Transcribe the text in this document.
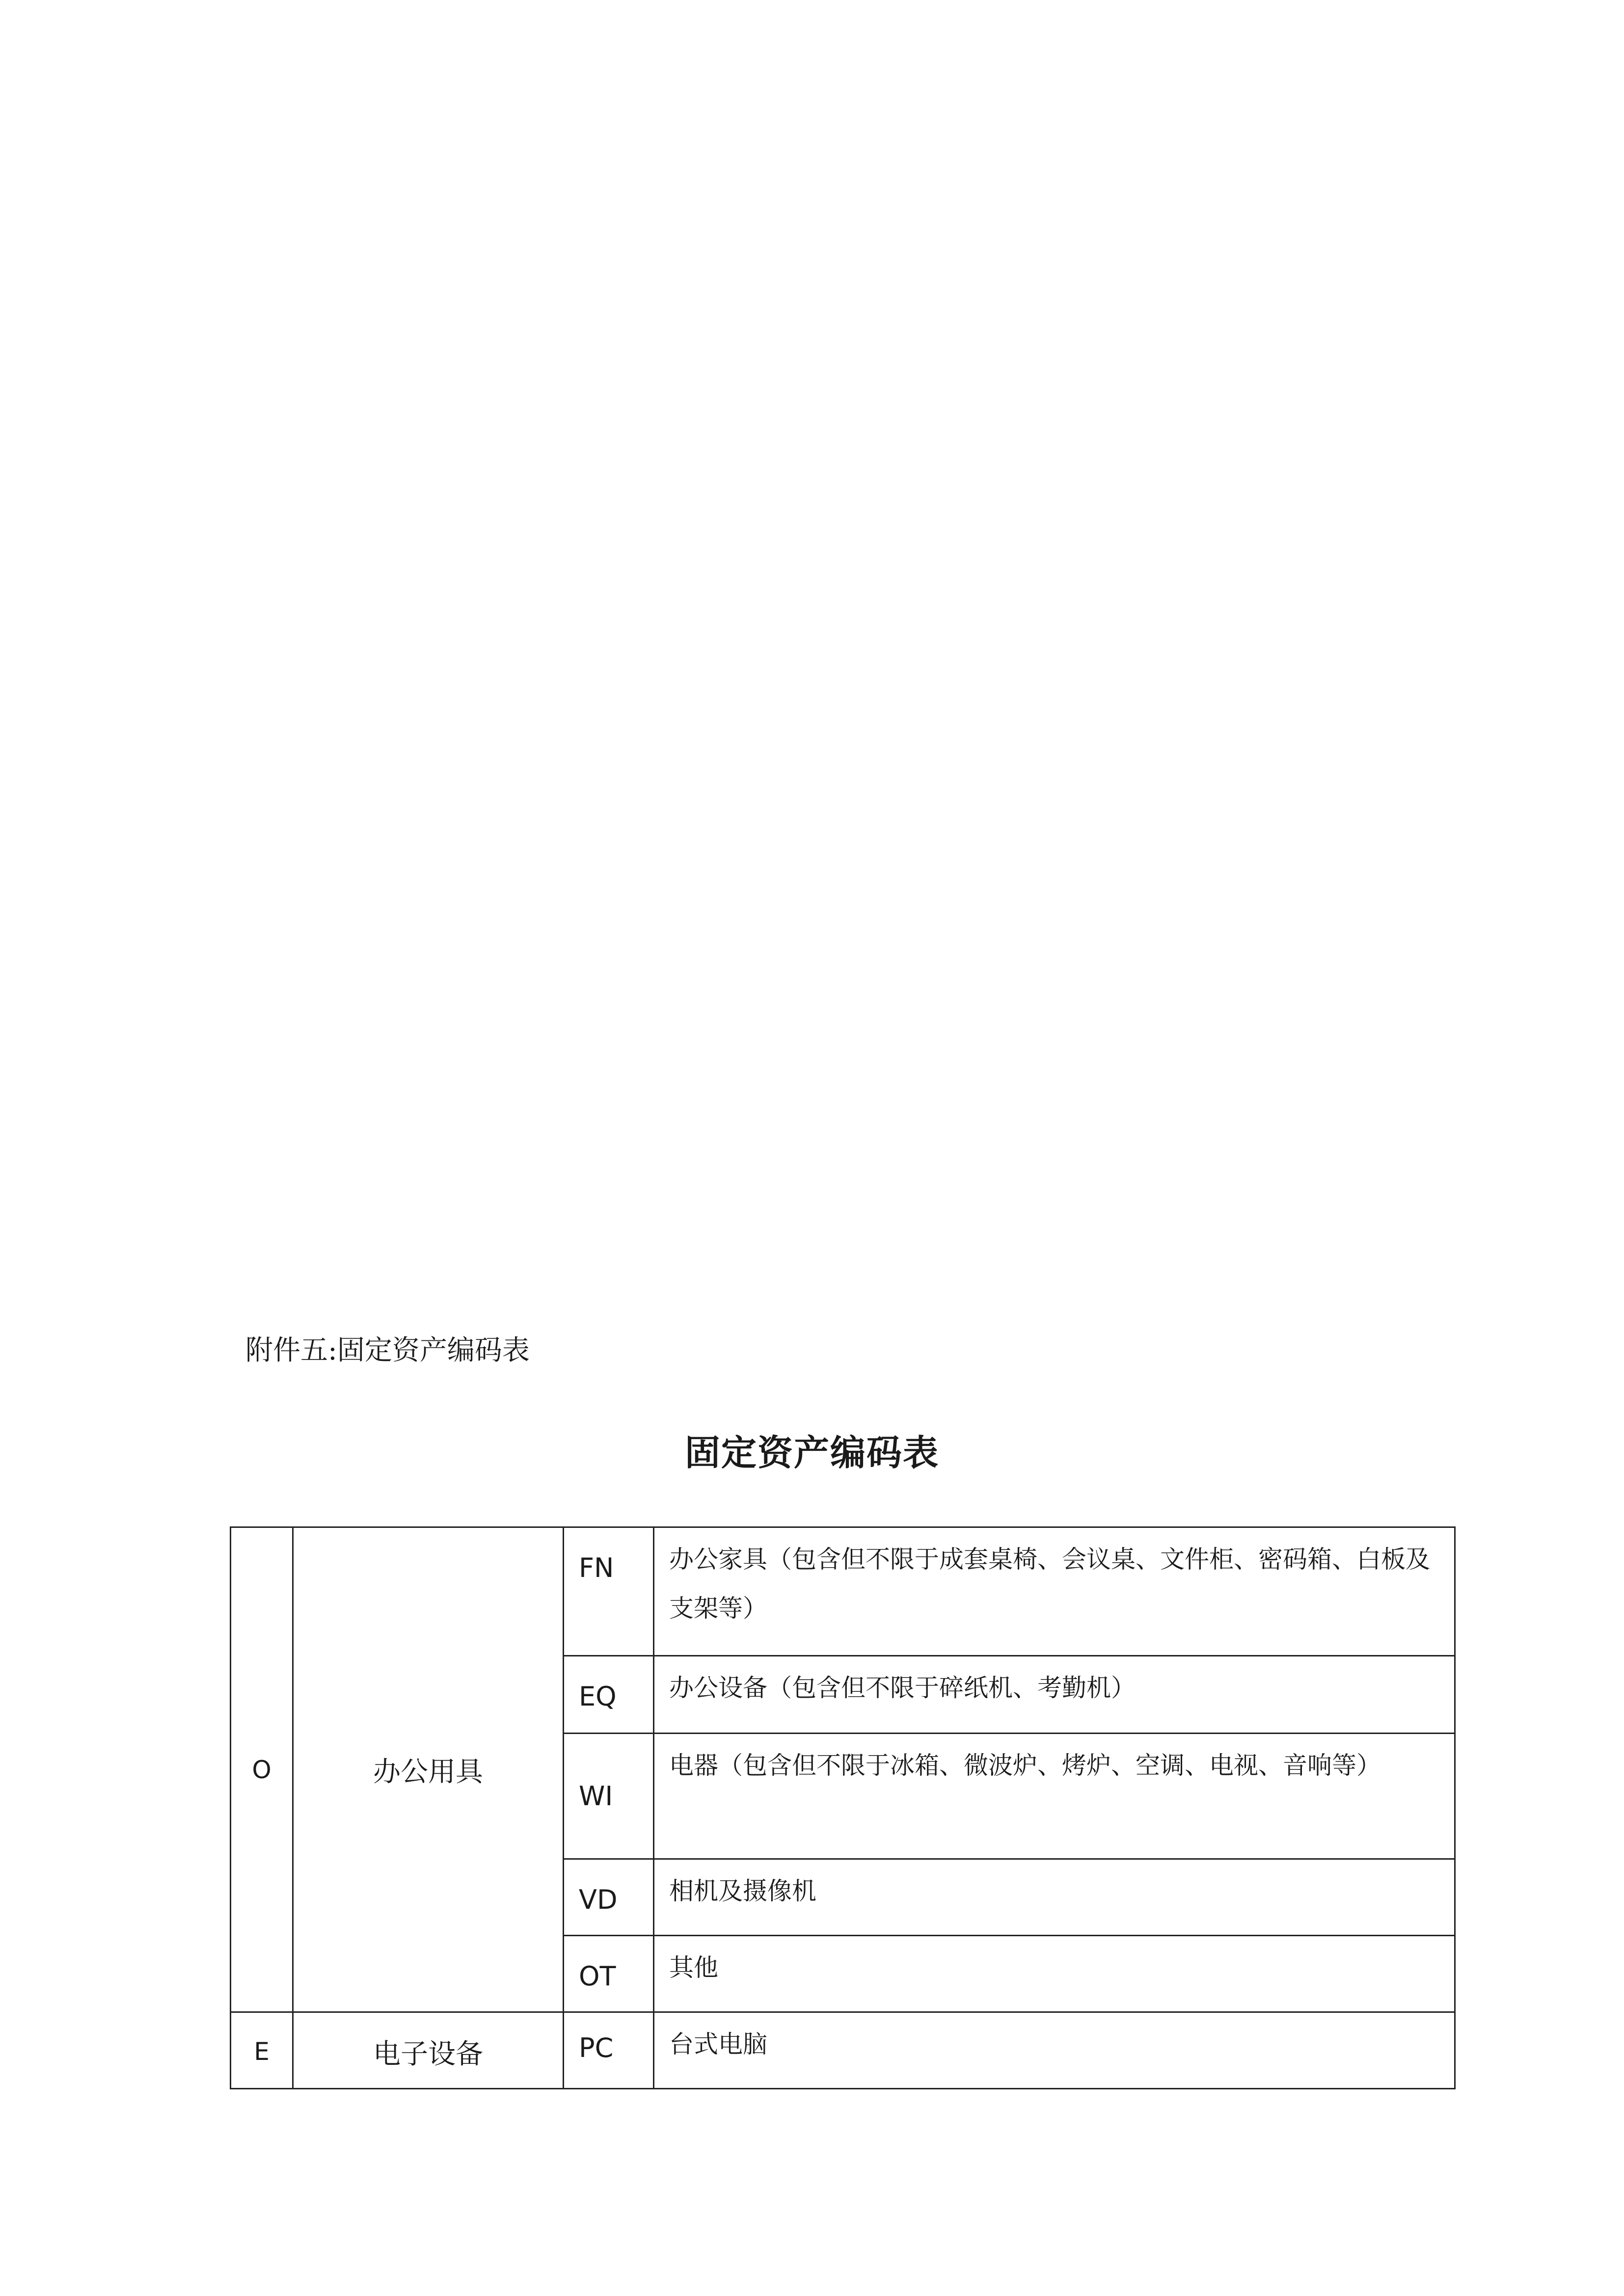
附件五:固定资产编码表
固定资产编码表
O	办公用具	FN	办公家具（包含但不限于成套桌椅、会议桌、文件柜、密码箱、白板及支架等）
		EQ	办公设备（包含但不限于碎纸机、考勤机）
		WI	电器（包含但不限于冰箱、微波炉、烤炉、空调、电视、音响等）
		VD	相机及摄像机
		OT	其他
E	电子设备	PC	台式电脑
